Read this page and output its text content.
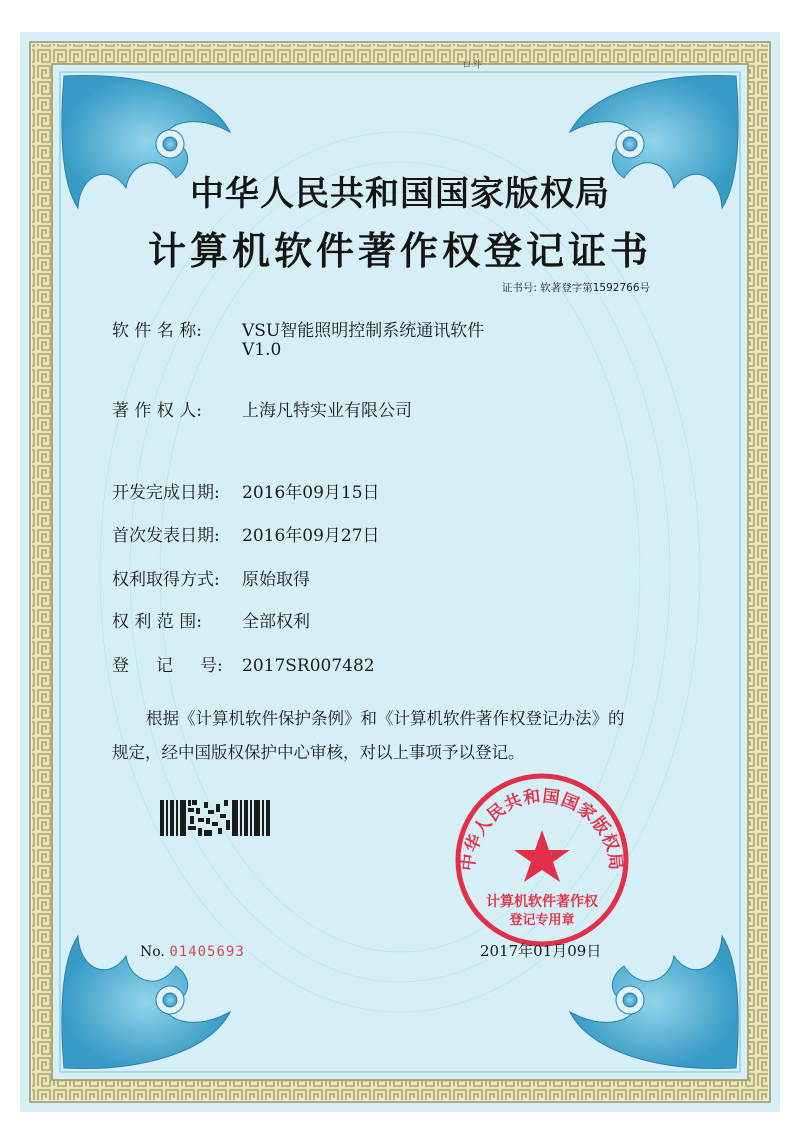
ロ斗
中华人民共和国国家版权局
计算机软件著作权登记证书
证书号: 软著登字第1592766号
软 件 名 称: VSU智能照明控制系统通讯软件
V1.0
著 作 权 人: 上海凡特实业有限公司
开发完成日期: 2016年09月15日
首次发表日期: 2016年09月27日
权利取得方式: 原始取得
权 利 范 围: 全部权利
登     记     号: 2017SR007482
根据《计算机软件保护条例》和《计算机软件著作权登记办法》的
规定，经中国版权保护中心审核，对以上事项予以登记。
中华人民共和国国家版权局
计算机软件著作权
登记专用章
2017年01月09日
No. 01405693
